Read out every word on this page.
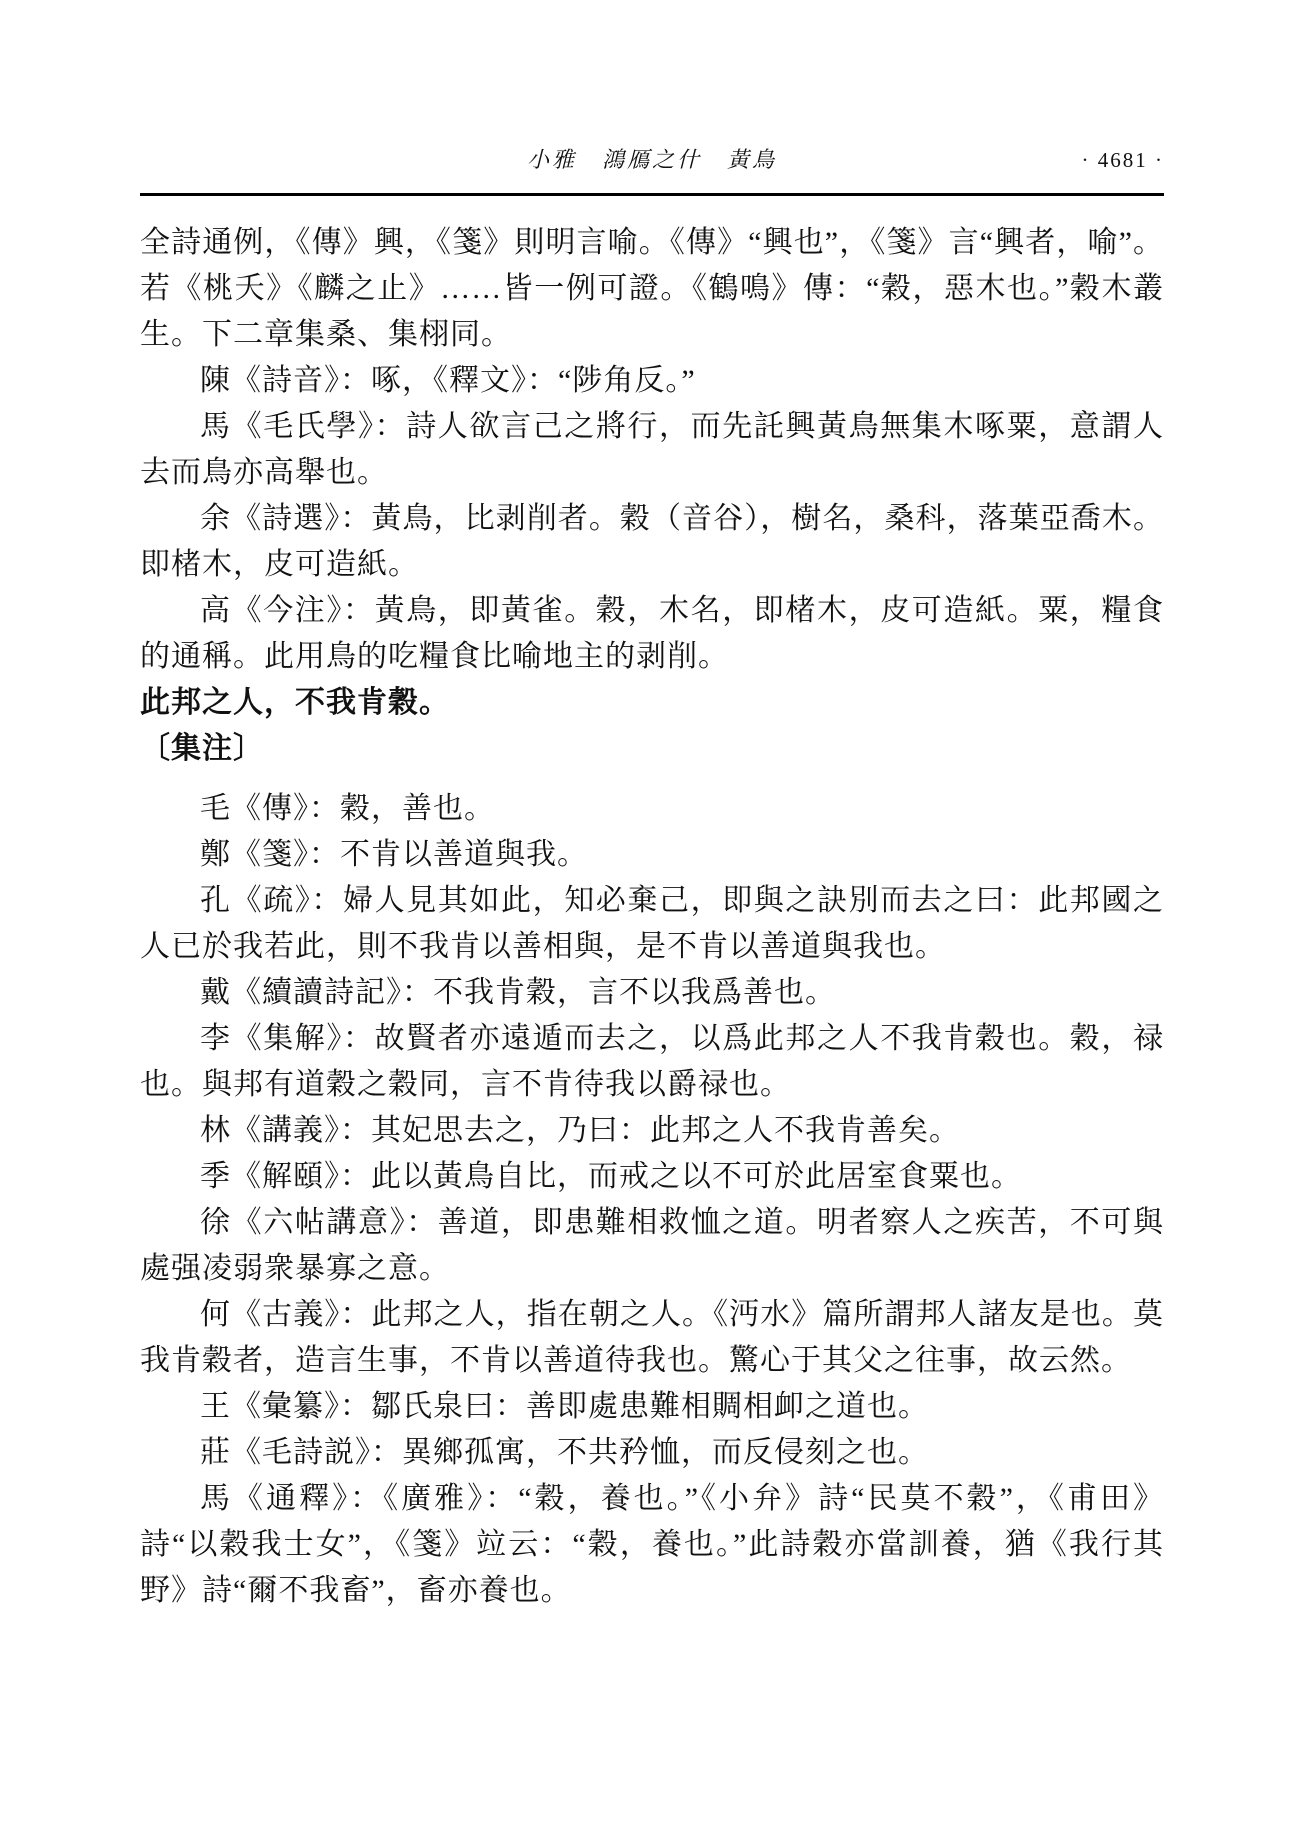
小雅　鴻鴈之什　黃鳥	· 4681 ·

全詩通例，《傳》興，《箋》則明言喻。《傳》“興也”，《箋》言“興者，喻”。若《桃夭》《麟之止》……皆一例可證。《鶴鳴》傳：“穀，惡木也。”穀木叢生。下二章集桑、集栩同。

陳《詩音》：啄，《釋文》：“陟角反。”

馬《毛氏學》：詩人欲言己之將行，而先託興黃鳥無集木啄粟，意謂人去而鳥亦高舉也。

余《詩選》：黃鳥，比剥削者。穀（音谷），樹名，桑科，落葉亞喬木。即楮木，皮可造紙。

高《今注》：黃鳥，即黃雀。穀，木名，即楮木，皮可造紙。粟，糧食的通稱。此用鳥的吃糧食比喻地主的剥削。

此邦之人，不我肯穀。

〔集注〕

毛《傳》：穀，善也。

鄭《箋》：不肯以善道與我。

孔《疏》：婦人見其如此，知必棄己，即與之訣別而去之曰：此邦國之人已於我若此，則不我肯以善相與，是不肯以善道與我也。

戴《續讀詩記》：不我肯穀，言不以我爲善也。

李《集解》：故賢者亦遠遁而去之，以爲此邦之人不我肯穀也。穀，禄也。與邦有道穀之穀同，言不肯待我以爵禄也。

林《講義》：其妃思去之，乃曰：此邦之人不我肯善矣。

季《解頤》：此以黃鳥自比，而戒之以不可於此居室食粟也。

徐《六帖講意》：善道，即患難相救恤之道。明者察人之疾苦，不可與處强凌弱衆暴寡之意。

何《古義》：此邦之人，指在朝之人。《沔水》篇所謂邦人諸友是也。莫我肯穀者，造言生事，不肯以善道待我也。驚心于其父之往事，故云然。

王《彙纂》：鄒氏泉曰：善即處患難相賙相卹之道也。

莊《毛詩説》：異鄉孤寓，不共矜恤，而反侵刻之也。

馬《通釋》：《廣雅》：“穀，養也。”《小弁》詩“民莫不穀”，《甫田》詩“以穀我士女”，《箋》竝云：“穀，養也。”此詩穀亦當訓養，猶《我行其野》詩“爾不我畜”，畜亦養也。
